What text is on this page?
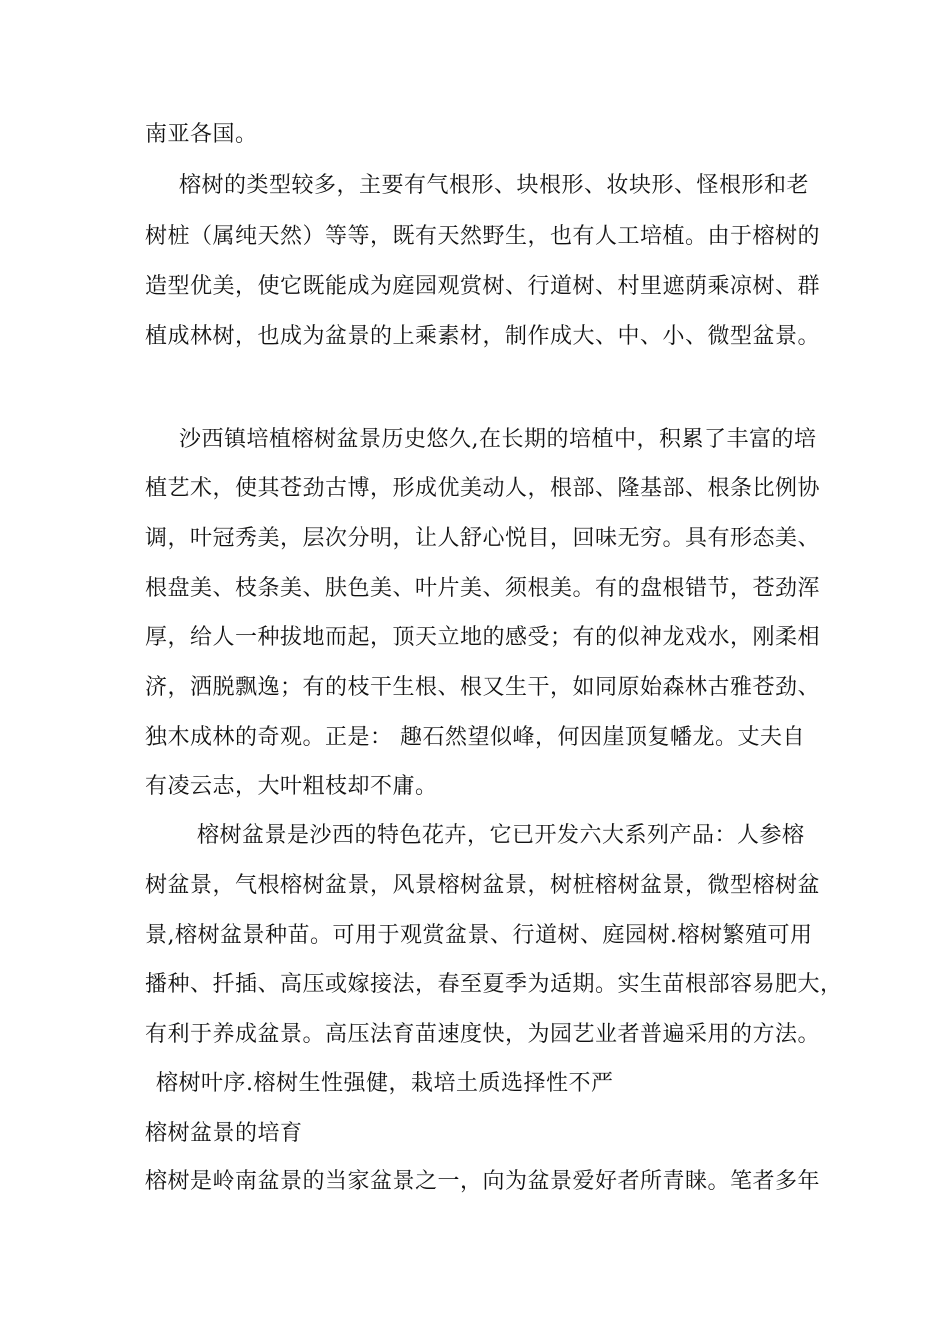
南亚各国。
榕树的类型较多，主要有气根形、块根形、妆块形、怪根形和老
树桩（属纯天然）等等，既有天然野生，也有人工培植。由于榕树的
造型优美，使它既能成为庭园观赏树、行道树、村里遮荫乘凉树、群
植成林树，也成为盆景的上乘素材，制作成大、中、小、微型盆景。
沙西镇培植榕树盆景历史悠久,在长期的培植中，积累了丰富的培
植艺术，使其苍劲古博，形成优美动人，根部、隆基部、根条比例协
调，叶冠秀美，层次分明，让人舒心悦目，回味无穷。具有形态美、
根盘美、枝条美、肤色美、叶片美、须根美。有的盘根错节，苍劲浑
厚，给人一种拔地而起，顶天立地的感受；有的似神龙戏水，刚柔相
济，洒脱飘逸；有的枝干生根、根又生干，如同原始森林古雅苍劲、
独木成林的奇观。正是： 趣石然望似峰，何因崖顶复幡龙。丈夫自
有凌云志，大叶粗枝却不庸。
榕树盆景是沙西的特色花卉，它已开发六大系列产品：人参榕
树盆景，气根榕树盆景，风景榕树盆景，树桩榕树盆景，微型榕树盆
景,榕树盆景种苗。可用于观赏盆景、行道树、庭园树.榕树繁殖可用
播种、扦插、高压或嫁接法，春至夏季为适期。实生苗根部容易肥大，
有利于养成盆景。高压法育苗速度快，为园艺业者普遍采用的方法。
榕树叶序.榕树生性强健，栽培土质选择性不严
榕树盆景的培育
榕树是岭南盆景的当家盆景之一，向为盆景爱好者所青睐。笔者多年
